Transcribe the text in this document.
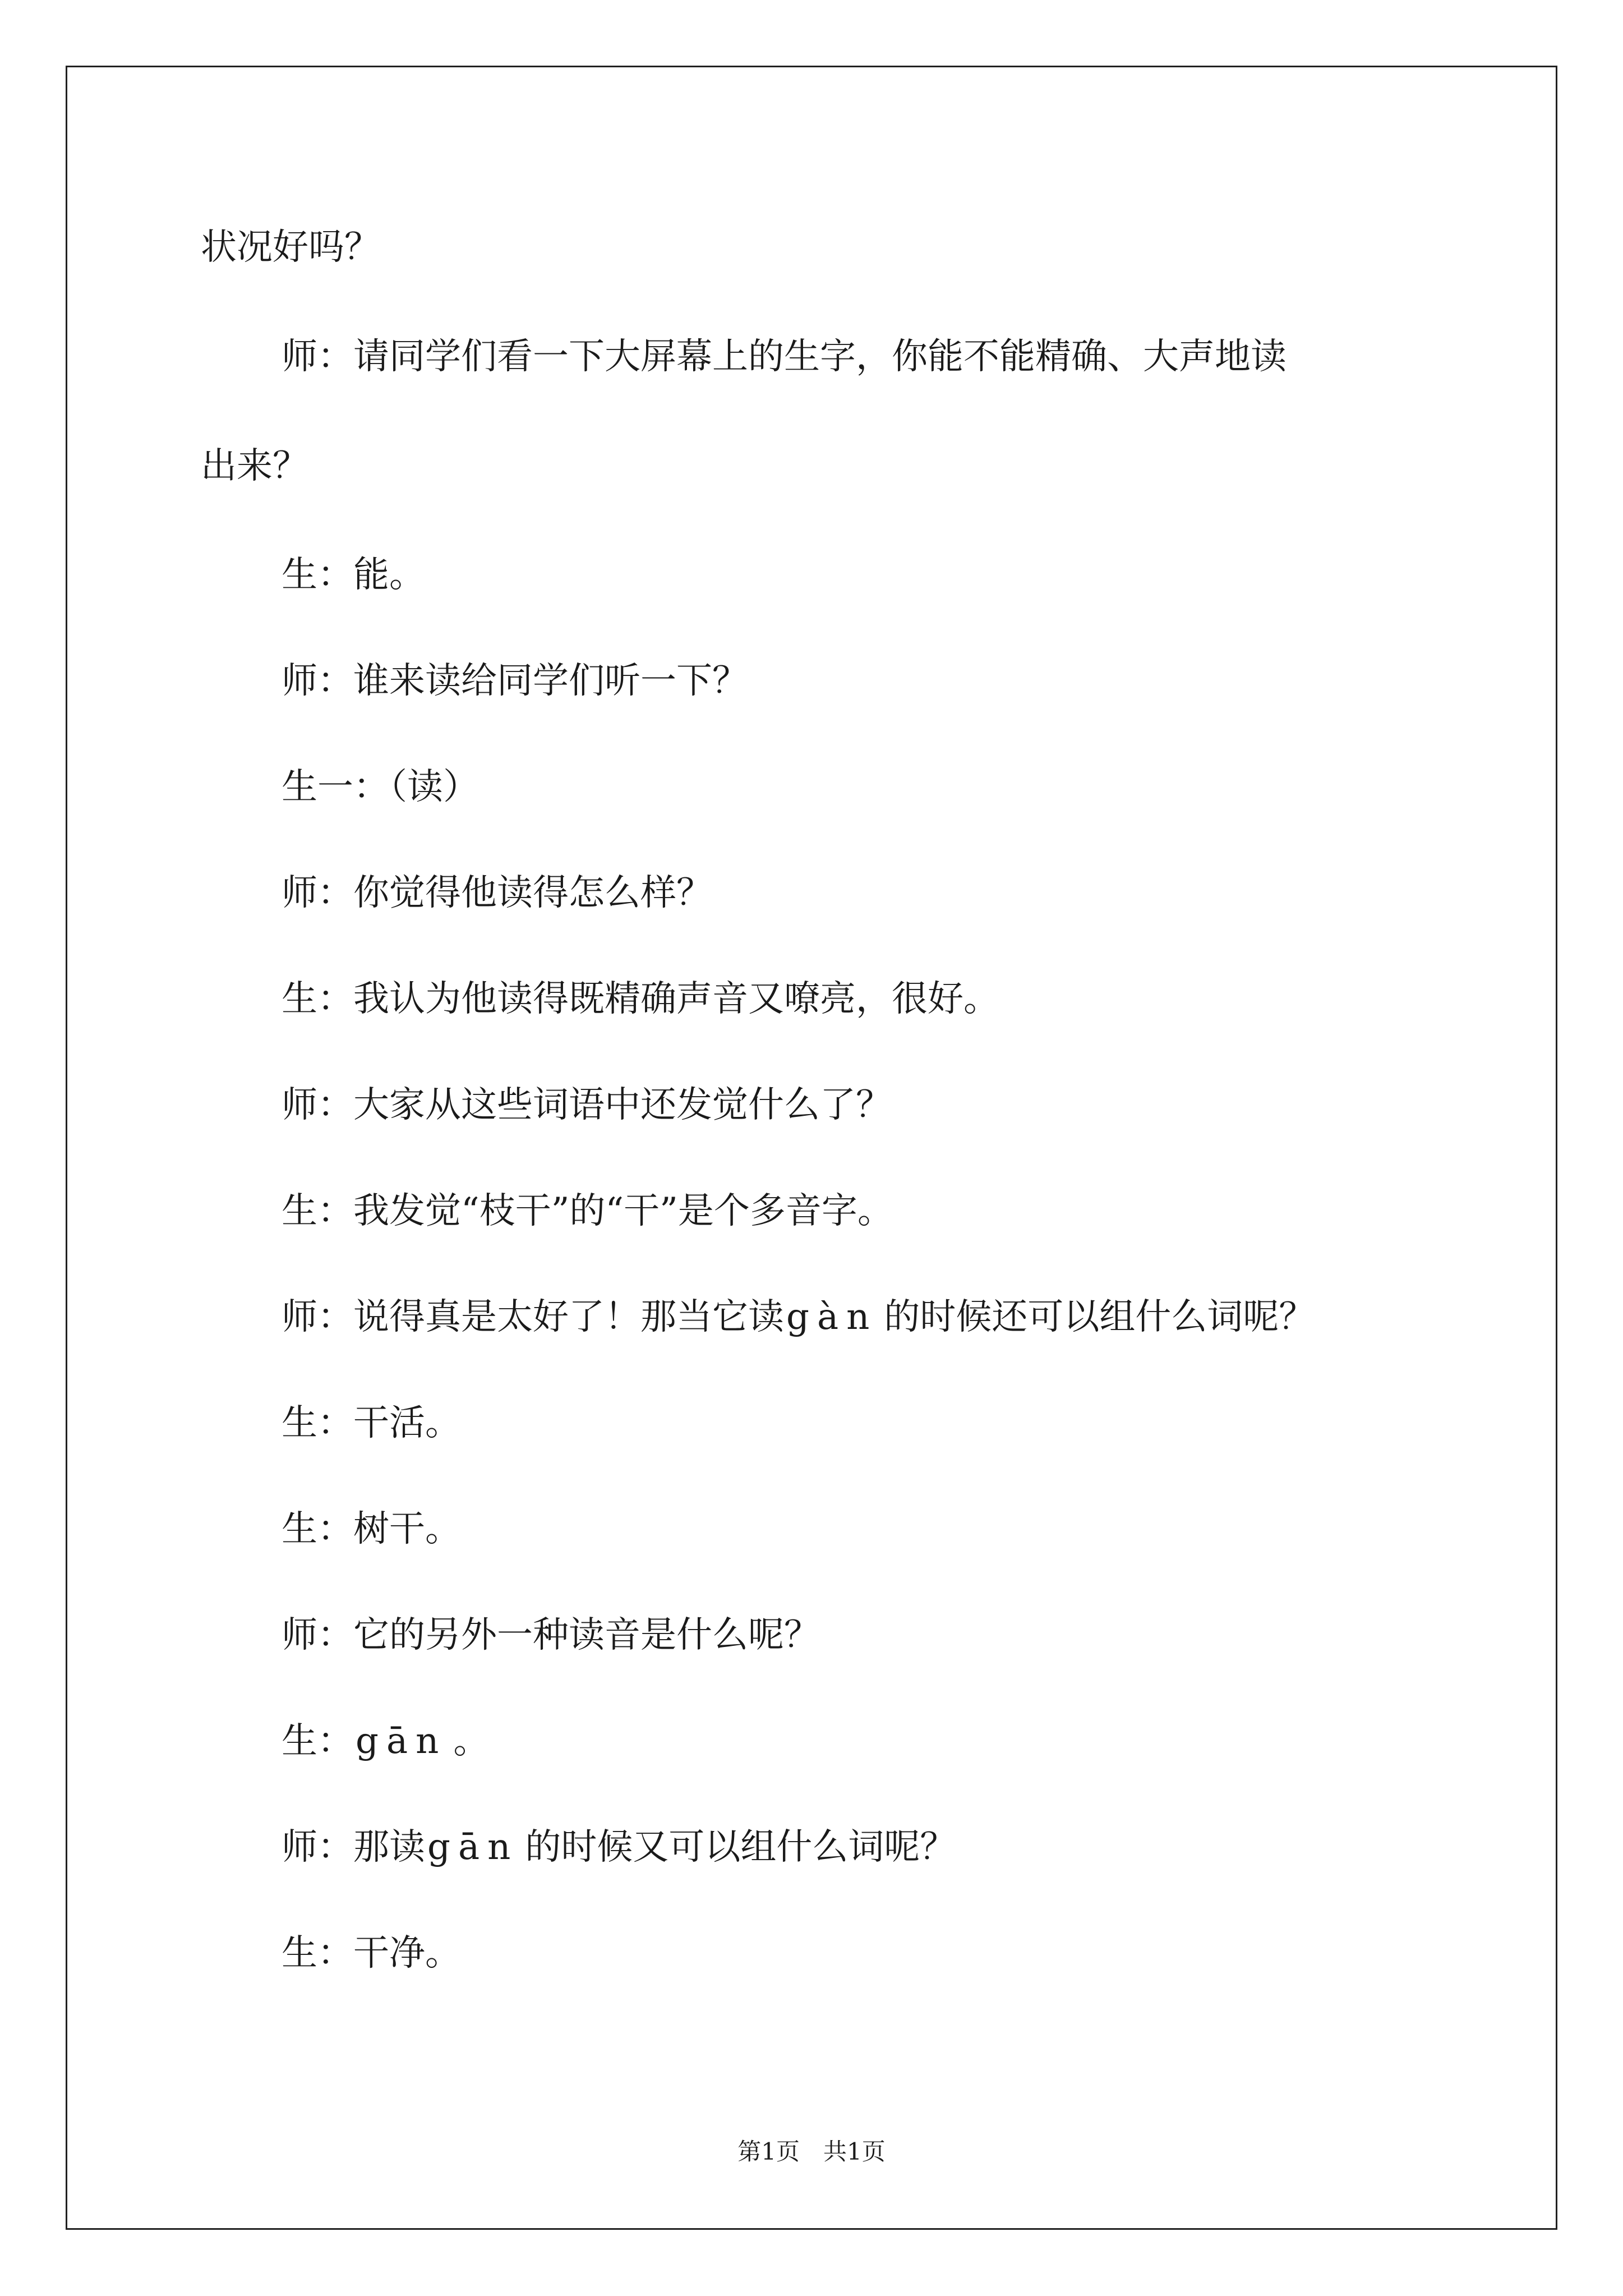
状况好吗？

师：请同学们看一下大屏幕上的生字，你能不能精确、大声地读

出来？

生：能。

师：谁来读给同学们听一下？

生一：（读）

师：你觉得他读得怎么样？

生：我认为他读得既精确声音又嘹亮，很好。

师：大家从这些词语中还发觉什么了？

生：我发觉“枝干”的“干”是个多音字。

师：说得真是太好了！那当它读gàn 的时候还可以组什么词呢？

生：干活。

生：树干。

师：它的另外一种读音是什么呢？

生：gān 。

师：那读gān 的时候又可以组什么词呢？

生：干净。

第1页　共1页
